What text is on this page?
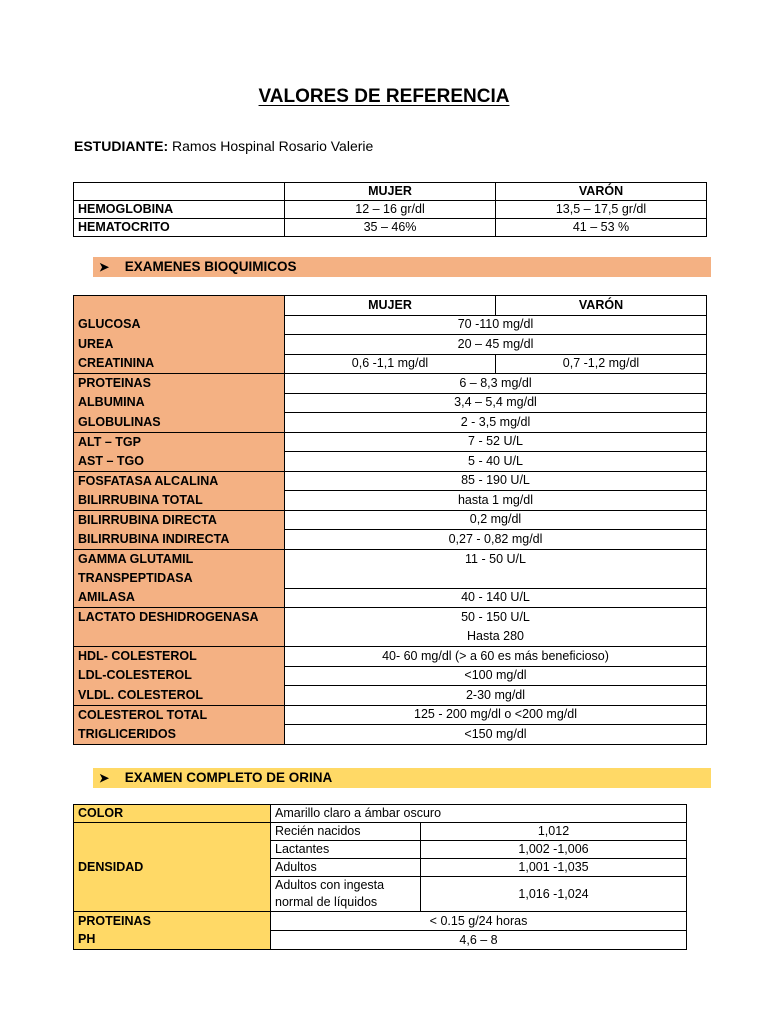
VALORES DE REFERENCIA
ESTUDIANTE: Ramos Hospinal Rosario Valerie
	MUJER	VARÓN
HEMOGLOBINA	12 – 16 gr/dl	13,5 – 17,5 gr/dl
HEMATOCRITO	35 – 46%	41 – 53 %
➤ EXAMENES BIOQUIMICOS
	MUJER	VARÓN
GLUCOSA	70 -110 mg/dl	
UREA	20 – 45 mg/dl	
CREATININA	0,6 -1,1 mg/dl	0,7 -1,2 mg/dl
PROTEINAS	6 – 8,3 mg/dl	
ALBUMINA	3,4 – 5,4 mg/dl	
GLOBULINAS	2 - 3,5 mg/dl	
ALT – TGP	7 - 52 U/L	
AST – TGO	5 - 40 U/L	
FOSFATASA ALCALINA	85 - 190 U/L	
BILIRRUBINA TOTAL	hasta 1 mg/dl	
BILIRRUBINA DIRECTA	0,2 mg/dl	
BILIRRUBINA INDIRECTA	0,27 - 0,82 mg/dl	
GAMMA GLUTAMIL	11 - 50 U/L	
TRANSPEPTIDASA		
AMILASA	40 - 140 U/L	
LACTATO DESHIDROGENASA	50 - 150 U/L	
	Hasta 280	
HDL- COLESTEROL	40- 60 mg/dl (> a 60 es más beneficioso)	
LDL-COLESTEROL	<100 mg/dl	
VLDL. COLESTEROL	2-30 mg/dl	
COLESTEROL TOTAL	125 - 200 mg/dl o <200 mg/dl	
TRIGLICERIDOS	<150 mg/dl	
➤ EXAMEN COMPLETO DE ORINA
COLOR	Amarillo claro a ámbar oscuro	
DENSIDAD	Recién nacidos	1,012
	Lactantes	1,002 -1,006
	Adultos	1,001 -1,035
	Adultos con ingesta normal de líquidos	1,016 -1,024
PROTEINAS	< 0.15 g/24 horas	
PH	4,6 – 8	
